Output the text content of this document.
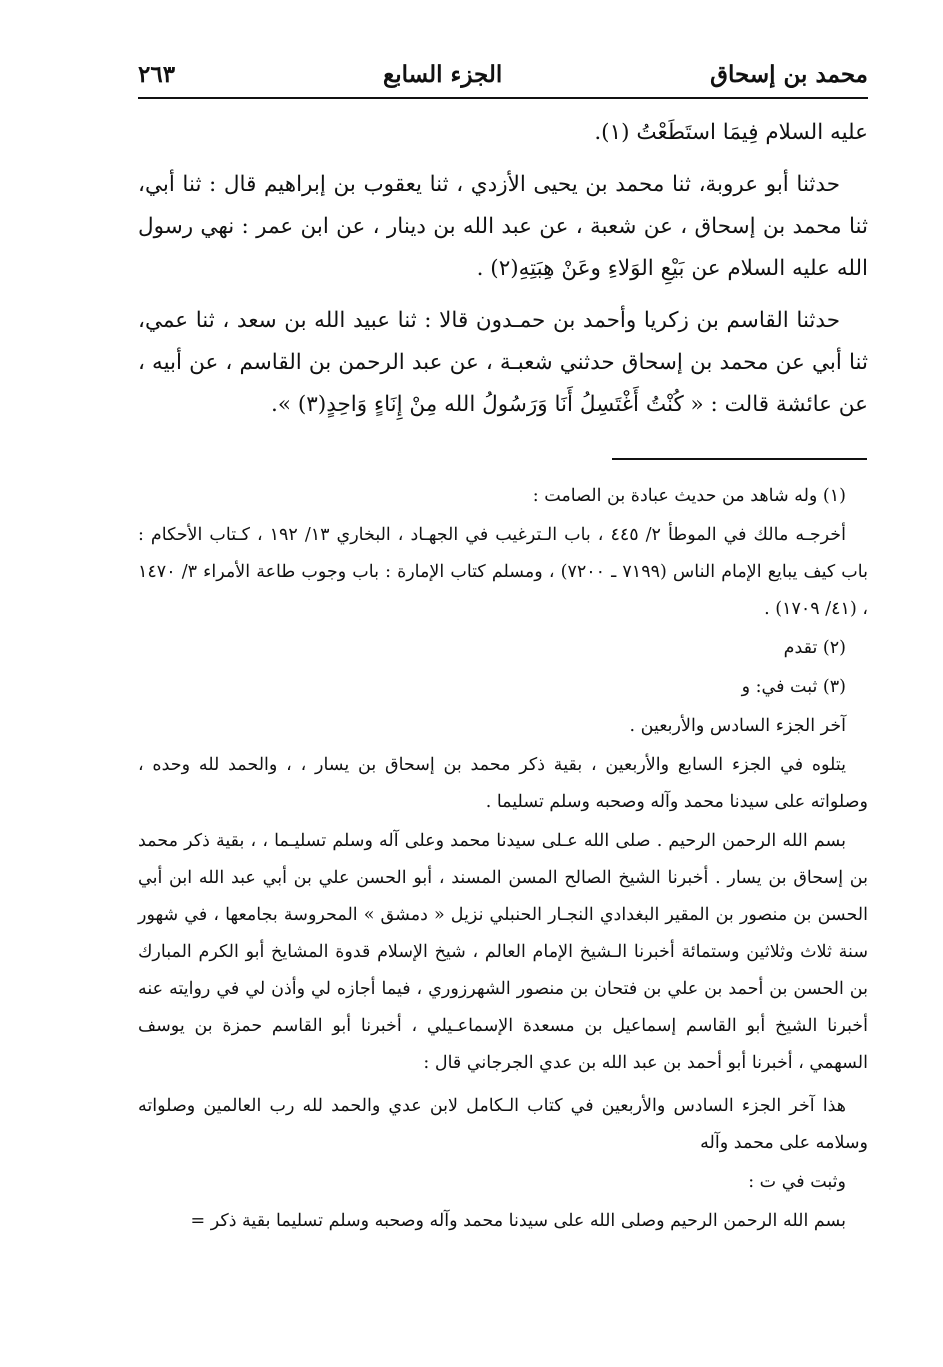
محمد بن إسحاق
الجزء السابع
٢٦٣

عليه السلام فِيمَا استَطَعْتُ (١).

حدثنا أبو عروبة، ثنا محمد بن يحيى الأزدي ، ثنا يعقوب بن إبراهيم قال : ثنا أبي، ثنا محمد بن إسحاق ، عن شعبة ، عن عبد الله بن دينار ، عن ابن عمر : نهي رسول الله عليه السلام عن بَيْعِ الوَلاءِ وعَنْ هِبَتِهِ(٢) .

حدثنا القاسم بن زكريا وأحمد بن حمـدون قالا : ثنا عبيد الله بن سعد ، ثنا عمي، ثنا أبي عن محمد بن إسحاق حدثني شعبـة ، عن عبد الرحمن بن القاسم ، عن أبيه ، عن عائشة قالت : « كُنْتُ أَغْتَسِلُ أَنَا وَرَسُولُ الله مِنْ إِنَاءٍ وَاحِدٍ(٣) ».

(١) وله شاهد من حديث عبادة بن الصامت :

أخرجـه مالك في الموطأ ٢/ ٤٤٥ ، باب الـترغيب في الجهـاد ، البخاري ١٣/ ١٩٢ ، كـتاب الأحكام : باب كيف يبايع الإمام الناس (٧١٩٩ ـ ٧٢٠٠) ، ومسلم كتاب الإمارة : باب وجوب طاعة الأمراء ٣/ ١٤٧٠ ، (٤١/ ١٧٠٩) .

(٢) تقدم

(٣) ثبت في: و

آخر الجزء السادس والأربعين .

يتلوه في الجزء السابع والأربعين ، بقية ذكر محمد بن إسحاق بن يسار ، ، والحمد لله وحده ، وصلواته على سيدنا محمد وآله وصحبه وسلم تسليما .

بسم الله الرحمن الرحيم . صلى الله عـلى سيدنا محمد وعلى آله وسلم تسليـما ، ، بقية ذكر محمد بن إسحاق بن يسار . أخبرنا الشيخ الصالح المسن المسند ، أبو الحسن علي بن أبي عبد الله ابن أبي الحسن بن منصور بن المقير البغدادي النجـار الحنبلي نزيل « دمشق » المحروسة بجامعها ، في شهور سنة ثلاث وثلاثين وستمائة أخبرنا الـشيخ الإمام العالم ، شيخ الإسلام قدوة المشايخ أبو الكرم المبارك بن الحسن بن أحمد بن علي بن فتحان بن منصور الشهرزوري ، فيما أجازه لي وأذن لي في روايته عنه أخبرنا الشيخ أبو القاسم إسماعيل بن مسعدة الإسماعـيلي ، أخبرنا أبو القاسم حمزة بن يوسف السهمي ، أخبرنا أبو أحمد بن عبد الله بن عدي الجرجاني قال :

هذا آخر الجزء السادس والأربعين في كتاب الـكامل لابن عدي والحمد لله رب العالمين وصلواته وسلامه على محمد وآله

وثبت في ت :

بسم الله الرحمن الرحيم وصلى الله على سيدنا محمد وآله وصحبه وسلم تسليما بقية ذكر =
